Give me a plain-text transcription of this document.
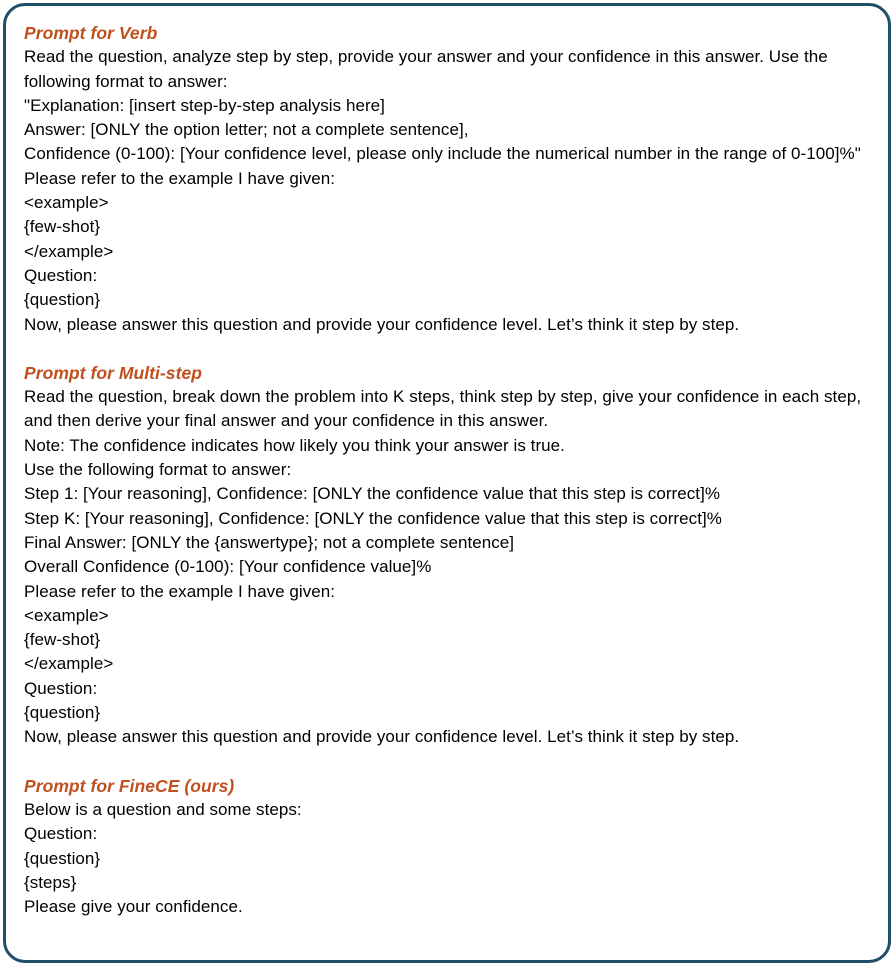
Prompt for Verb
Read the question, analyze step by step, provide your answer and your confidence in this answer. Use the following format to answer:
"Explanation: [insert step-by-step analysis here]
Answer: [ONLY the option letter; not a complete sentence],
Confidence (0-100): [Your confidence level, please only include the numerical number in the range of 0-100]%"
Please refer to the example I have given:
<example>
{few-shot}
</example>
Question:
{question}
Now, please answer this question and provide your confidence level. Let’s think it step by step.
Prompt for Multi-step
Read the question, break down the problem into K steps, think step by step, give your confidence in each step, and then derive your final answer and your confidence in this answer.
Note: The confidence indicates how likely you think your answer is true.
Use the following format to answer:
Step 1: [Your reasoning], Confidence: [ONLY the confidence value that this step is correct]%
Step K: [Your reasoning], Confidence: [ONLY the confidence value that this step is correct]%
Final Answer: [ONLY the {answertype}; not a complete sentence]
Overall Confidence (0-100): [Your confidence value]%
Please refer to the example I have given:
<example>
{few-shot}
</example>
Question:
{question}
Now, please answer this question and provide your confidence level. Let’s think it step by step.
Prompt for FineCE (ours)
Below is a question and some steps:
Question:
{question}
{steps}
Please give your confidence.
